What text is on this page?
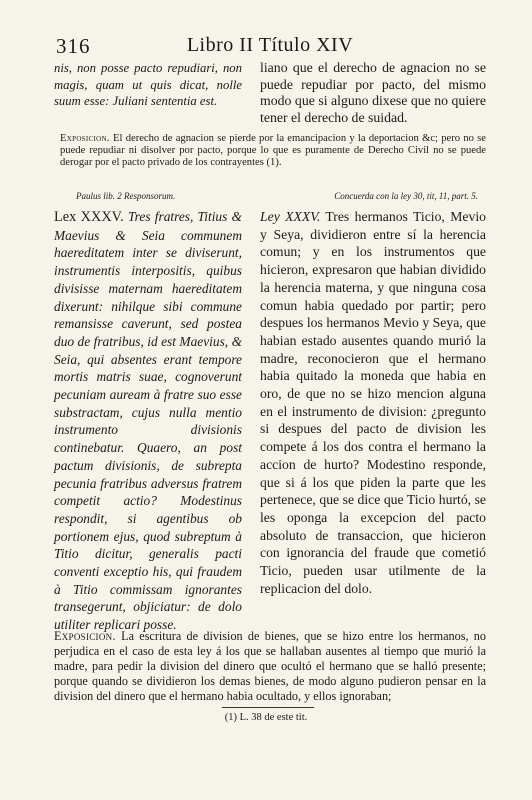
316	Libro II Título XIV

nis, non posse pacto repudiari, non magis, quam ut quis dicat, nolle suum esse: Juliani sententia est.

liano que el derecho de agnacion no se puede repudiar por pacto, del mismo modo que si alguno dixese que no quiere tener el derecho de suidad.

Exposicion. El derecho de agnacion se pierde por la emancipacion y la deportacion &c; pero no se puede repudiar ni disolver por pacto, porque lo que es puramente de Derecho Civil no se puede derogar por el pacto privado de los contrayentes (1).

Paulus lib. 2 Responsorum.	Concuerda con la ley 30, tit, 11, part. 5.

Lex XXXV. Tres fratres, Titius & Maevius & Seia communem haereditatem inter se diviserunt, instrumentis interpositis, quibus divisisse maternam haereditatem dixerunt: nihilque sibi commune remansisse caverunt, sed postea duo de fratribus, id est Maevius, & Seia, qui absentes erant tempore mortis matris suae, cognoverunt pecuniam auream à fratre suo esse substractam, cujus nulla mentio instrumento divisionis continebatur. Quaero, an post pactum divisionis, de subrepta pecunia fratribus adversus fratrem competit actio? Modestinus respondit, si agentibus ob portionem ejus, quod subreptum à Titio dicitur, generalis pacti conventi exceptio his, qui fraudem à Titio commissam ignorantes transegerunt, objiciatur: de dolo utiliter replicari posse.

Ley XXXV. Tres hermanos Ticio, Mevio y Seya, dividieron entre sí la herencia comun; y en los instrumentos que hicieron, expresaron que habian dividido la herencia materna, y que ninguna cosa comun habia quedado por partir; pero despues los hermanos Mevio y Seya, que habian estado ausentes quando murió la madre, reconocieron que el hermano habia quitado la moneda que habia en oro, de que no se hizo mencion alguna en el instrumento de division: ¿pregunto si despues del pacto de division les compete á los dos contra el hermano la accion de hurto? Modestino responde, que si á los que piden la parte que les pertenece, que se dice que Ticio hurtó, se les oponga la excepcion del pacto absoluto de transaccion, que hicieron con ignorancia del fraude que cometió Ticio, pueden usar utilmente de la replicacion del dolo.

Exposicion. La escritura de division de bienes, que se hizo entre los hermanos, no perjudica en el caso de esta ley á los que se hallaban ausentes al tiempo que murió la madre, para pedir la division del dinero que ocultó el hermano que se halló presente; porque quando se dividieron los demas bienes, de modo alguno pudieron pensar en la division del dinero que el hermano habia ocultado, y ellos ignoraban;

(1) L. 38 de este tit.
